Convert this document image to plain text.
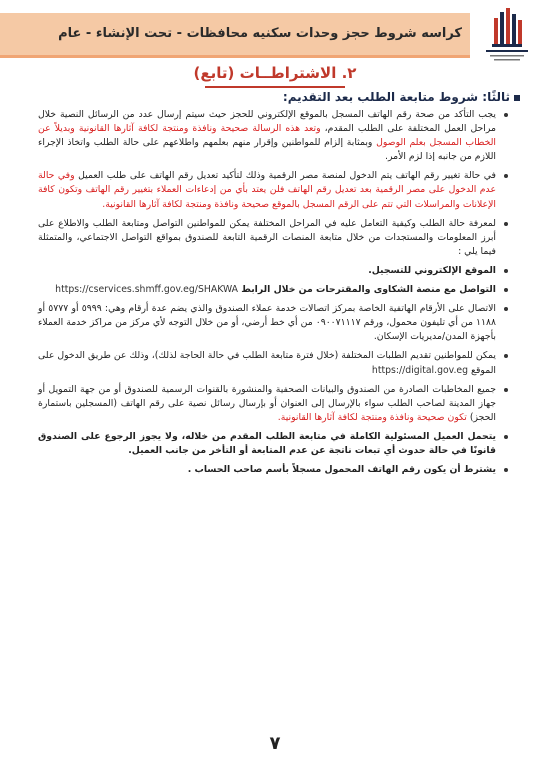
كراسه شروط حجز وحدات سكنيه محافظات - تحت الإنشاء - عام
٢. الاشتراطــات (تابع)
ثالثًا: شروط متابعة الطلب بعد التقديم:
يجب التأكد من صحة رقم الهاتف المسجل بالموقع الإلكتروني للحجز حيث سيتم إرسال عدد من الرسائل النصية خلال مراحل العمل المختلفة على الطلب المقدم، وتعد هذه الرسالة صحيحة ونافذة ومنتجة لكافة آثارها القانونية وبديلاً عن الخطاب المسجل بعلم الوصول وبمثابة إلزام للمواطنين وإقرار منهم بعلمهم واطلاعهم على حالة الطلب واتخاذ الإجراء اللازم من جانبه إذا لزم الأمر.
في حالة تغيير رقم الهاتف يتم الدخول لمنصة مصر الرقمية وذلك لتأكيد تعديل رقم الهاتف على طلب العميل وفي حالة عدم الدخول على مصر الرقمية بعد تعديل رقم الهاتف فلن يعتد بأي من إدعاءات العملاء بتغيير رقم الهاتف وتكون كافة الإعلانات والمراسلات التي تتم على الرقم المسجل بالموقع صحيحة ونافذة ومنتجة لكافة آثارها القانونية.
لمعرفة حالة الطلب وكيفية التعامل عليه في المراحل المختلفة يمكن للمواطنين التواصل ومتابعة الطلب والاطلاع على أبرز المعلومات والمستجدات من خلال متابعة المنصات الرقمية التابعة للصندوق بمواقع التواصل الاجتماعي، والمتمثلة فيما يلي :
الموقع الإلكتروني للتسجيل.
التواصل مع منصة الشكاوى والمقترحات من خلال الرابط https://cservices.shmff.gov.eg/SHAKWA
الاتصال على الأرقام الهاتفية الخاصة بمركز اتصالات خدمة عملاء الصندوق والذي يضم عدة أرقام وهي: ٥٩٩٩ أو ٥٧٧٧ أو ١١٨٨ من أي تليفون محمول، ورقم ٠٩٠٠٧١١١٧ من أي خط أرضي، أو من خلال التوجه لأي مركز من مراكز خدمة العملاء بأجهزة المدن/مديريات الإسكان.
يمكن للمواطنين تقديم الطلبات المختلفة (خلال فترة متابعة الطلب في حالة الحاجة لذلك)، وذلك عن طريق الدخول على الموقع https://digital.gov.eg
جميع المخاطبات الصادرة من الصندوق والبيانات الصحفية والمنشورة بالقنوات الرسمية للصندوق أو من جهة التمويل أو جهاز المدينة لصاحب الطلب سواء بالإرسال إلى العنوان أو بإرسال رسائل نصية على رقم الهاتف (المسجلين باستمارة الحجز) تكون صحيحة ونافذة ومنتجة لكافة آثارها القانونية.
يتحمل العميل المسئولية الكاملة في متابعة الطلب المقدم من خلاله، ولا يجوز الرجوع على الصندوق قانونًا في حالة حدوث أي تبعات ناتجة عن عدم المتابعة أو التأخر من جانب العميل.
يشترط أن يكون رقم الهاتف المحمول مسجلاً بأسم صاحب الحساب .
٧
